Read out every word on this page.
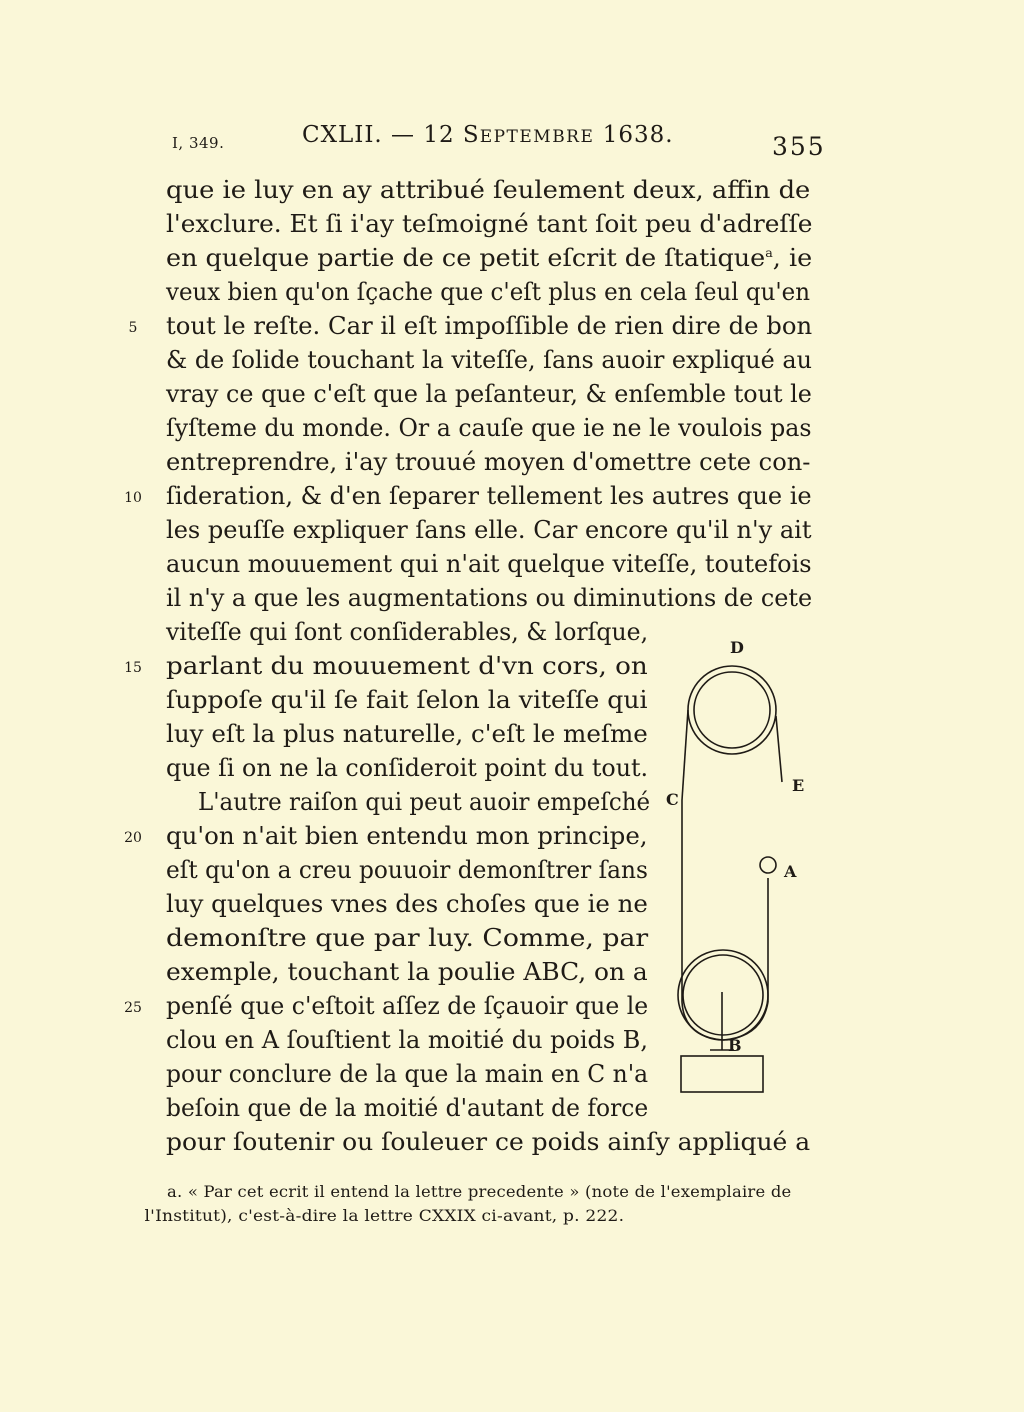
I, 349.	CXLII. — 12 SEPTEMBRE 1638.	355
que ie luy en ay attribué ſeulement deux, affin de
l'exclure. Et ſi i'ay teſmoigné tant ſoit peu d'adreſſe
en quelque partie de ce petit eſcrit de ſtatique$^a$, ie
veux bien qu'on ſçache que c'eſt plus en cela ſeul qu'en
tout le reſte. Car il eſt impoſſible de rien dire de bon
& de ſolide touchant la viteſſe, ſans auoir expliqué au
vray ce que c'eſt que la peſanteur, & enſemble tout le
ſyſteme du monde. Or a cauſe que ie ne le voulois pas
entreprendre, i'ay trouué moyen d'omettre cete con-
ſideration, & d'en ſeparer tellement les autres que ie
les peuſſe expliquer ſans elle. Car encore qu'il n'y ait
aucun mouuement qui n'ait quelque viteſſe, toutefois
il n'y a que les augmentations ou diminutions de cete
viteſſe qui ſont conſiderables, & lorſque,
parlant du mouuement d'vn cors, on
ſuppoſe qu'il ſe fait ſelon la viteſſe qui
luy eſt la plus naturelle, c'eſt le meſme
que ſi on ne la conſideroit point du tout.
L'autre raiſon qui peut auoir empeſché
qu'on n'ait bien entendu mon principe,
eſt qu'on a creu pouuoir demonſtrer ſans
luy quelques vnes des choſes que ie ne
demonſtre que par luy. Comme, par
exemple, touchant la poulie ABC, on a
penſé que c'eſtoit aſſez de ſçauoir que le
clou en A ſouſtient la moitié du poids B,
pour conclure de la que la main en C n'a
beſoin que de la moitié d'autant de force
pour ſoutenir ou ſouleuer ce poids ainſy appliqué a
5
10
15
20
25
D
E
C
A
B
a. « Par cet ecrit il entend la lettre precedente » (note de l'exemplaire de
l'Institut), c'est-à-dire la lettre CXXIX ci-avant, p. 222.
